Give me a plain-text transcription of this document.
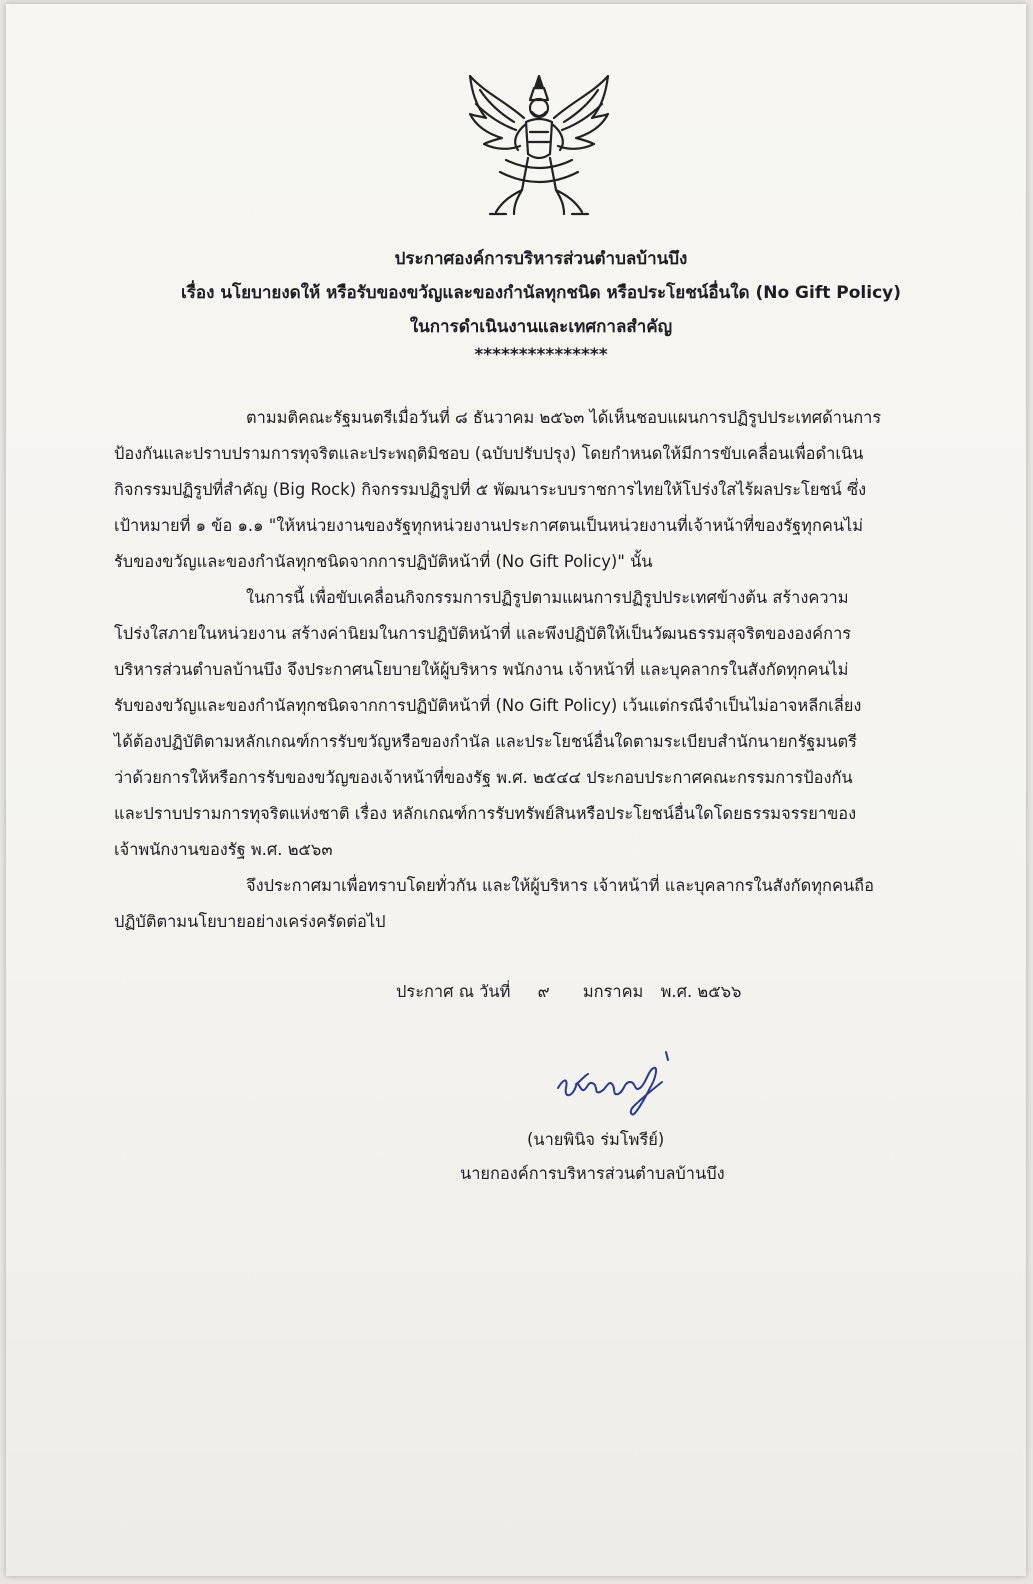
ประกาศองค์การบริหารส่วนตำบลบ้านบึง
เรื่อง นโยบายงดให้ หรือรับของขวัญและของกำนัลทุกชนิด หรือประโยชน์อื่นใด (No Gift Policy)
ในการดำเนินงานและเทศกาลสำคัญ
***************
ตามมติคณะรัฐมนตรีเมื่อวันที่ ๘ ธันวาคม ๒๕๖๓ ได้เห็นชอบแผนการปฏิรูปประเทศด้านการ
ป้องกันและปราบปรามการทุจริตและประพฤติมิชอบ (ฉบับปรับปรุง) โดยกำหนดให้มีการขับเคลื่อนเพื่อดำเนิน
กิจกรรมปฏิรูปที่สำคัญ (Big Rock) กิจกรรมปฏิรูปที่ ๕ พัฒนาระบบราชการไทยให้โปร่งใสไร้ผลประโยชน์ ซึ่ง
เป้าหมายที่ ๑ ข้อ ๑.๑ "ให้หน่วยงานของรัฐทุกหน่วยงานประกาศตนเป็นหน่วยงานที่เจ้าหน้าที่ของรัฐทุกคนไม่
รับของขวัญและของกำนัลทุกชนิดจากการปฏิบัติหน้าที่ (No Gift Policy)" นั้น
ในการนี้ เพื่อขับเคลื่อนกิจกรรมการปฏิรูปตามแผนการปฏิรูปประเทศข้างต้น สร้างความ
โปร่งใสภายในหน่วยงาน สร้างค่านิยมในการปฏิบัติหน้าที่ และพึงปฏิบัติให้เป็นวัฒนธรรมสุจริตขององค์การ
บริหารส่วนตำบลบ้านบึง จึงประกาศนโยบายให้ผู้บริหาร พนักงาน เจ้าหน้าที่ และบุคลากรในสังกัดทุกคนไม่
รับของขวัญและของกำนัลทุกชนิดจากการปฏิบัติหน้าที่ (No Gift Policy) เว้นแต่กรณีจำเป็นไม่อาจหลีกเลี่ยง
ได้ต้องปฏิบัติตามหลักเกณฑ์การรับขวัญหรือของกำนัล และประโยชน์อื่นใดตามระเบียบสำนักนายกรัฐมนตรี
ว่าด้วยการให้หรือการรับของขวัญของเจ้าหน้าที่ของรัฐ พ.ศ. ๒๕๔๔ ประกอบประกาศคณะกรรมการป้องกัน
และปราบปรามการทุจริตแห่งชาติ เรื่อง หลักเกณฑ์การรับทรัพย์สินหรือประโยชน์อื่นใดโดยธรรมจรรยาของ
เจ้าพนักงานของรัฐ พ.ศ. ๒๕๖๓
จึงประกาศมาเพื่อทราบโดยทั่วกัน และให้ผู้บริหาร เจ้าหน้าที่ และบุคลากรในสังกัดทุกคนถือ
ปฏิบัติตามนโยบายอย่างเคร่งครัดต่อไป
ประกาศ ณ วันที่ ๙ มกราคม พ.ศ. ๒๕๖๖
(นายพินิจ ร่มโพรีย์)
นายกองค์การบริหารส่วนตำบลบ้านบึง
